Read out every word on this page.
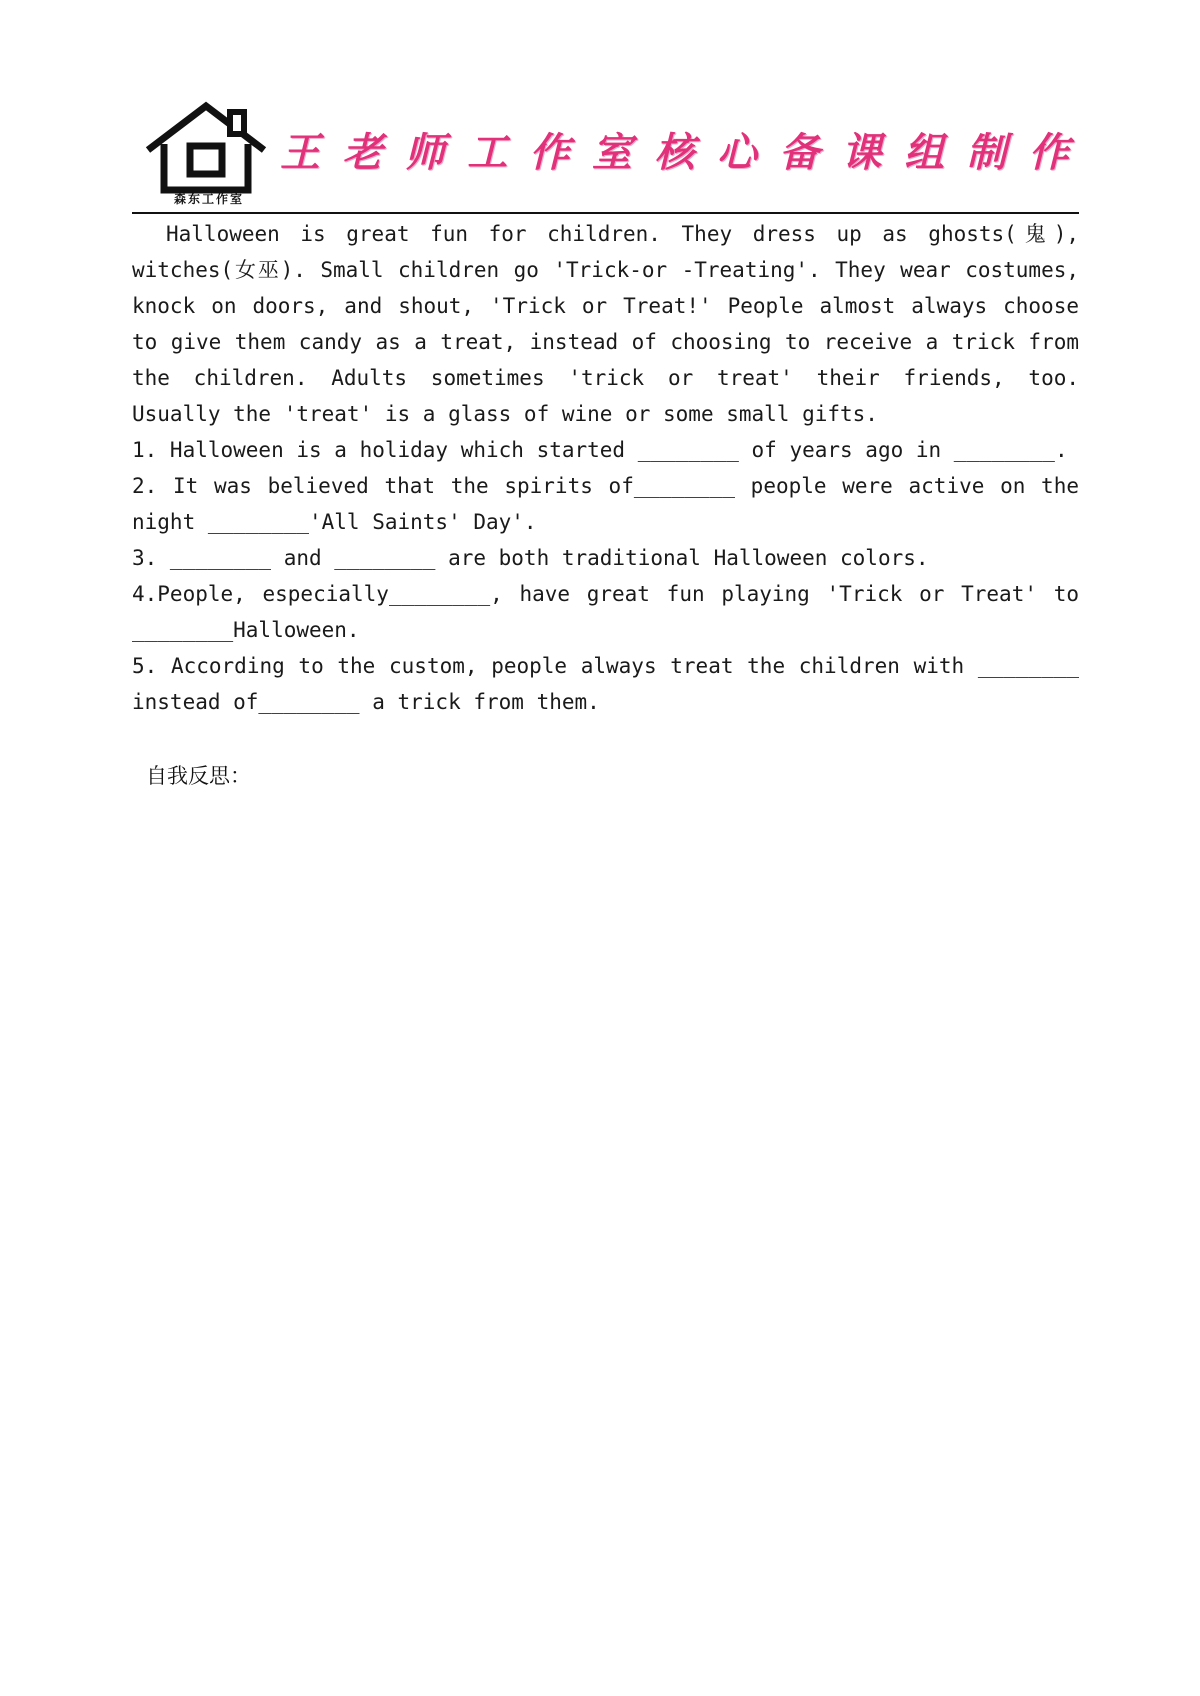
森东工作室
王 老 师 工 作 室 核 心 备 课 组 制 作

Halloween is great fun for children. They dress up as ghosts(鬼), witches(女巫). Small children go 'Trick-or -Treating'. They wear costumes, knock on doors, and shout, 'Trick or Treat!' People almost always choose to give them candy as a treat, instead of choosing to receive a trick from the children. Adults sometimes 'trick or treat' their friends, too. Usually the 'treat' is a glass of wine or some small gifts.

1. Halloween is a holiday which started ________ of years ago in ________.

2. It was believed that the spirits of________ people were active on the night ________'All Saints' Day'.

3. ________ and ________ are both traditional Halloween colors.

4.People, especially________, have great fun playing 'Trick or Treat' to ________Halloween.

5. According to the custom, people always treat the children with ________ instead of________ a trick from them.

自我反思：
